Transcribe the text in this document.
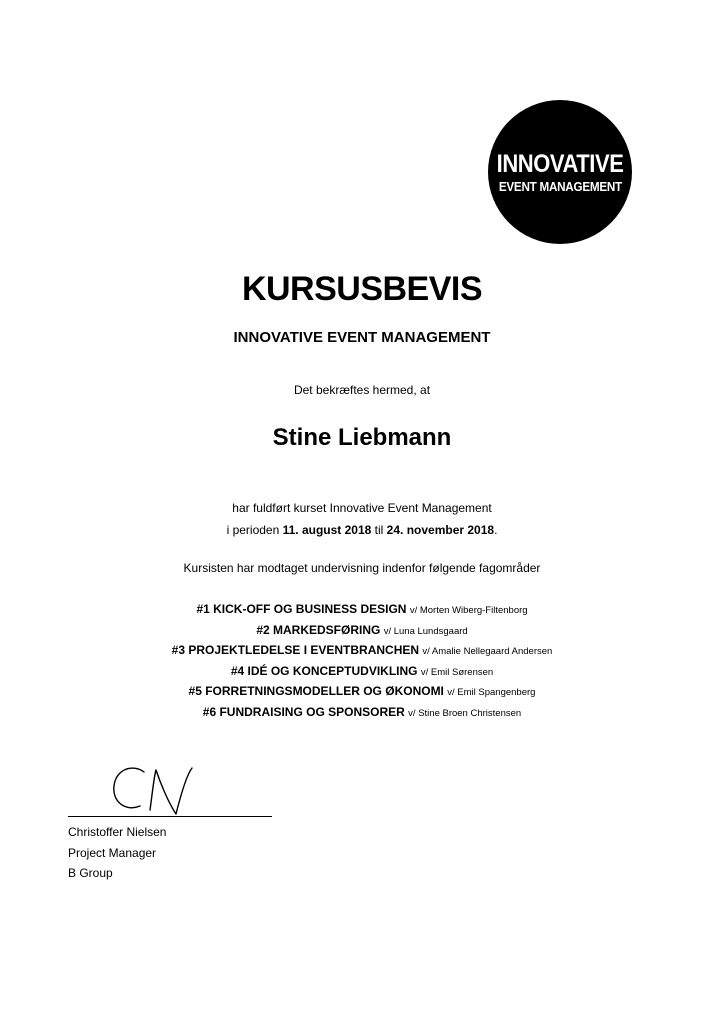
INNOVATIVE
EVENT MANAGEMENT
KURSUSBEVIS
INNOVATIVE EVENT MANAGEMENT
Det bekræftes hermed, at
Stine Liebmann
har fuldført kurset Innovative Event Management
i perioden 11. august 2018 til 24. november 2018.
Kursisten har modtaget undervisning indenfor følgende fagområder
#1 KICK-OFF OG BUSINESS DESIGN v/ Morten Wiberg-Filtenborg
#2 MARKEDSFØRING v/ Luna Lundsgaard
#3 PROJEKTLEDELSE I EVENTBRANCHEN v/ Amalie Nellegaard Andersen
#4 IDÉ OG KONCEPTUDVIKLING v/ Emil Sørensen
#5 FORRETNINGSMODELLER OG ØKONOMI v/ Emil Spangenberg
#6 FUNDRAISING OG SPONSORER v/ Stine Broen Christensen
Christoffer Nielsen
Project Manager
B Group
